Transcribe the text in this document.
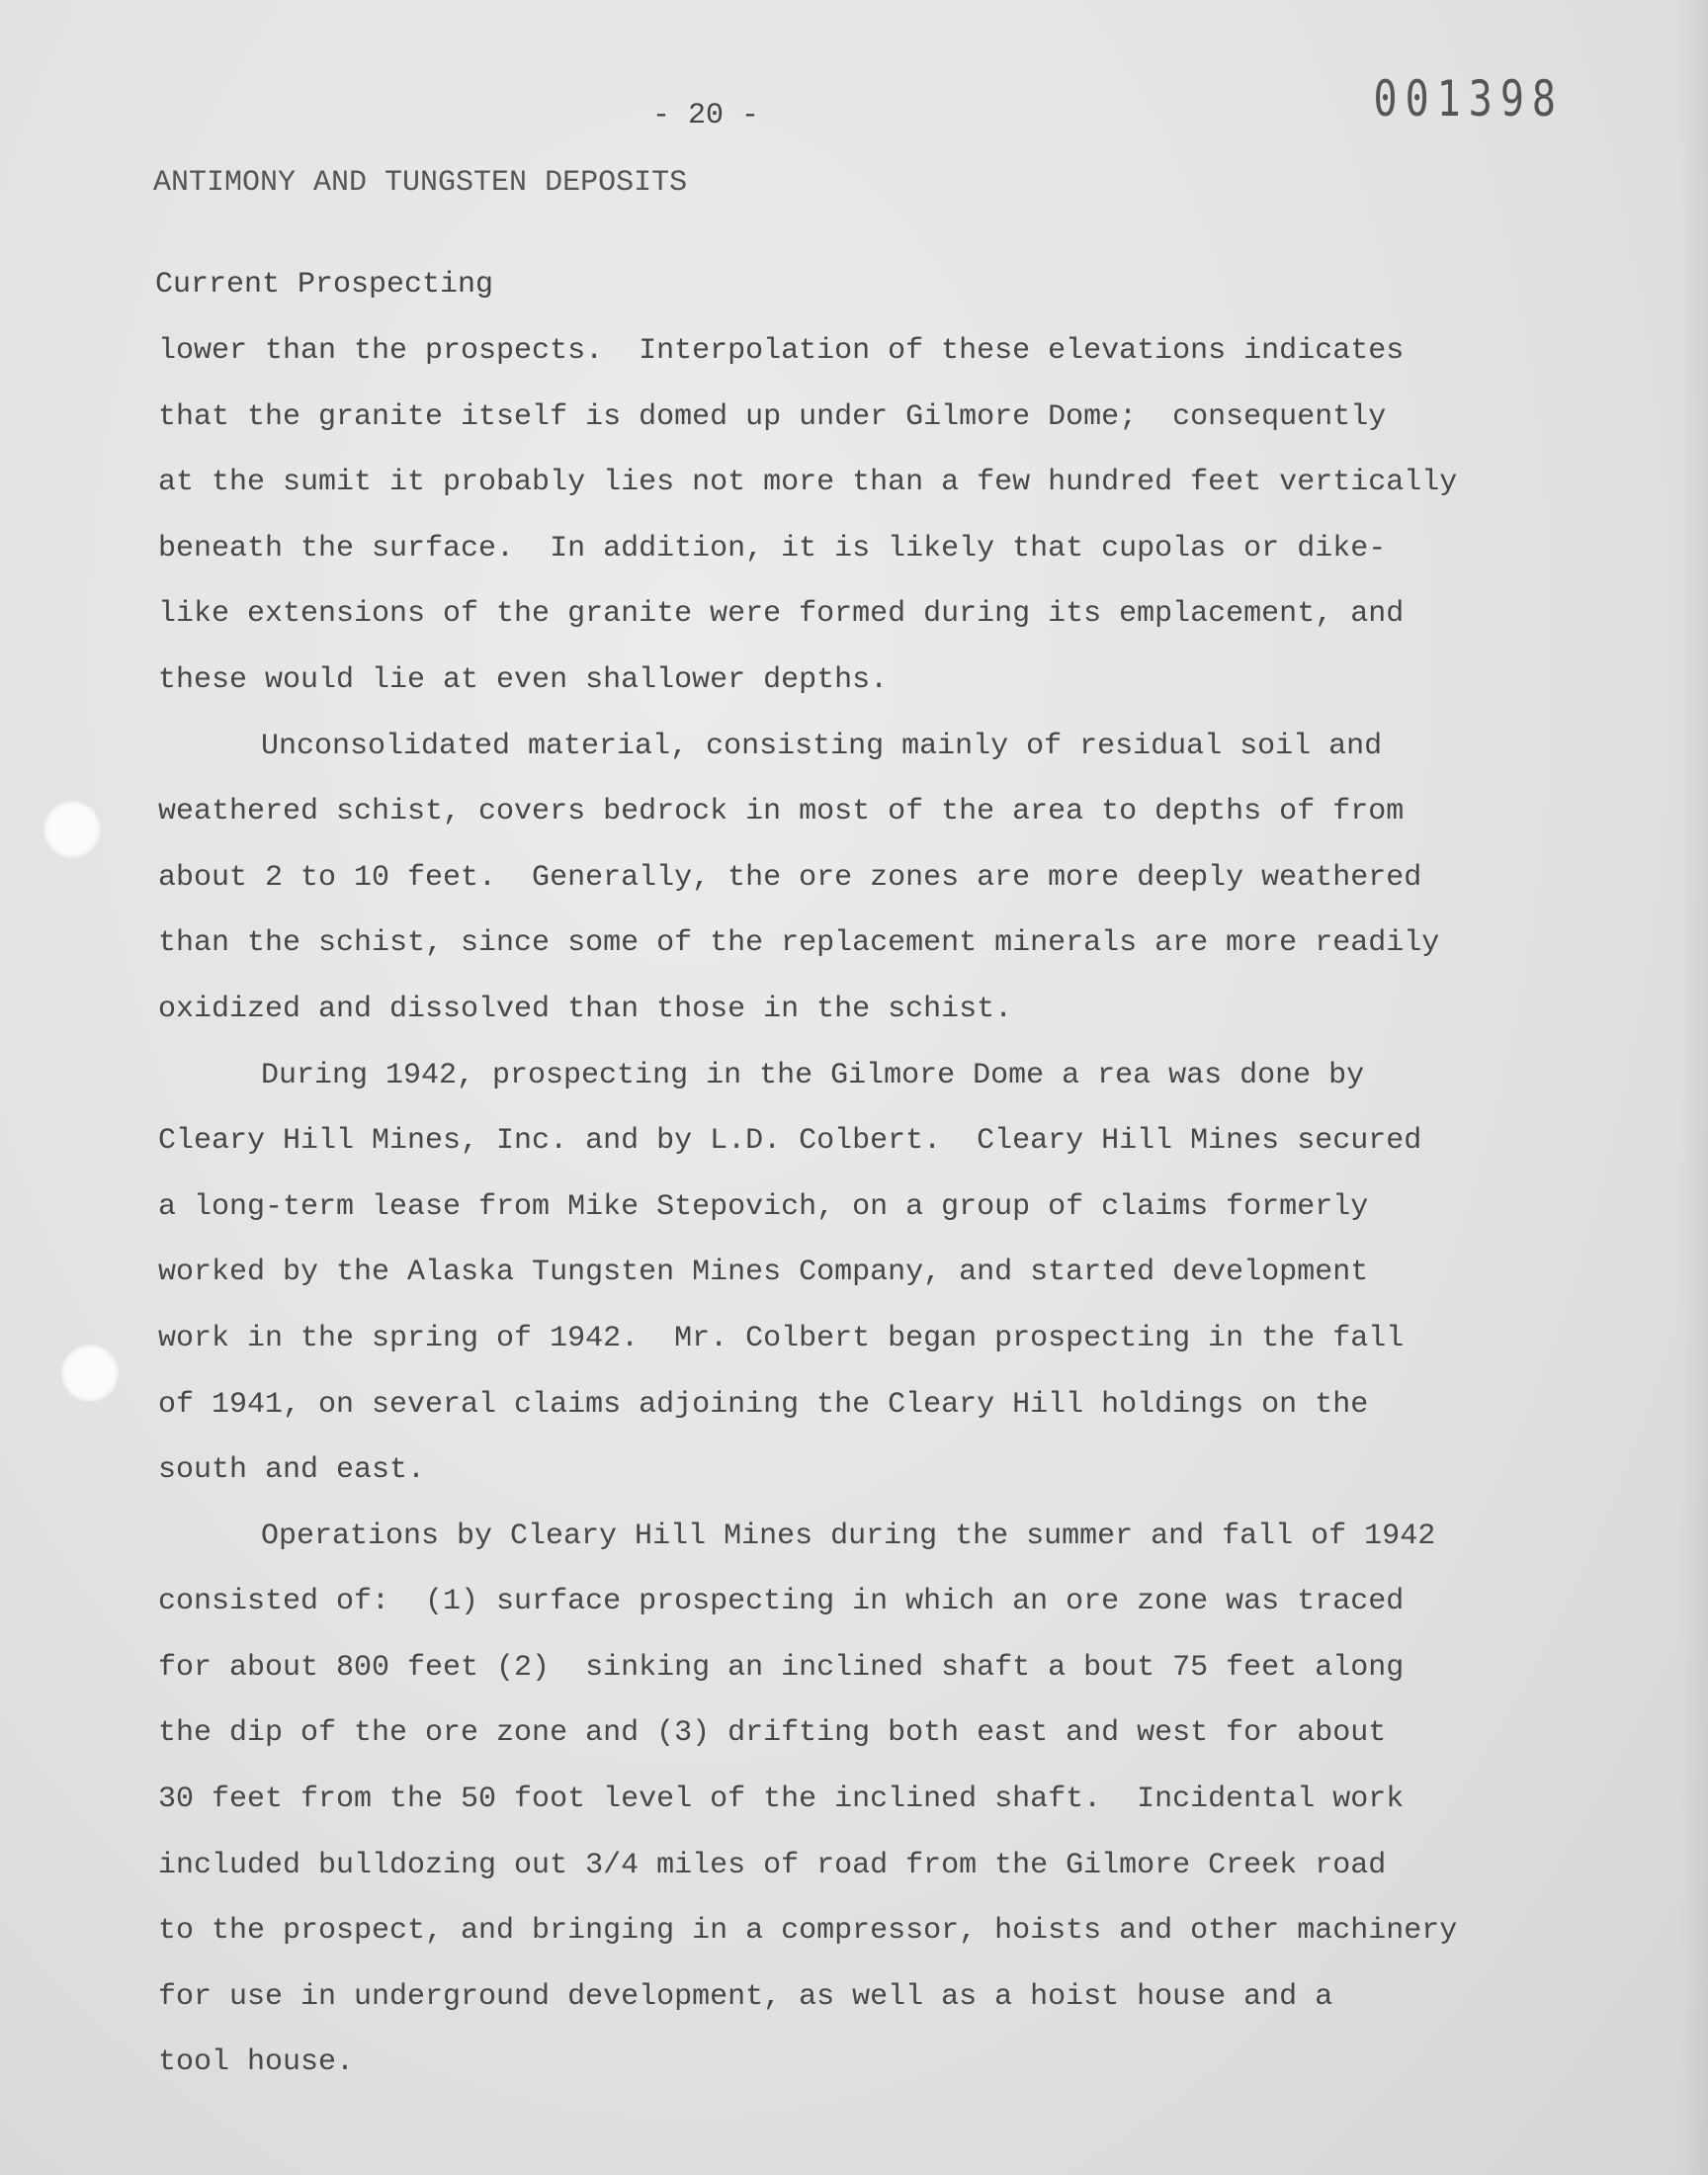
001398
- 20 -
ANTIMONY AND TUNGSTEN DEPOSITS
Current Prospecting
lower than the prospects.  Interpolation of these elevations indicates
that the granite itself is domed up under Gilmore Dome;  consequently
at the sumit it probably lies not more than a few hundred feet vertically
beneath the surface.  In addition, it is likely that cupolas or dike-
like extensions of the granite were formed during its emplacement, and
these would lie at even shallower depths.
Unconsolidated material, consisting mainly of residual soil and
weathered schist, covers bedrock in most of the area to depths of from
about 2 to 10 feet.  Generally, the ore zones are more deeply weathered
than the schist, since some of the replacement minerals are more readily
oxidized and dissolved than those in the schist.
During 1942, prospecting in the Gilmore Dome a rea was done by
Cleary Hill Mines, Inc. and by L.D. Colbert.  Cleary Hill Mines secured
a long-term lease from Mike Stepovich, on a group of claims formerly
worked by the Alaska Tungsten Mines Company, and started development
work in the spring of 1942.  Mr. Colbert began prospecting in the fall
of 1941, on several claims adjoining the Cleary Hill holdings on the
south and east.
Operations by Cleary Hill Mines during the summer and fall of 1942
consisted of:  (1) surface prospecting in which an ore zone was traced
for about 800 feet (2)  sinking an inclined shaft a bout 75 feet along
the dip of the ore zone and (3) drifting both east and west for about
30 feet from the 50 foot level of the inclined shaft.  Incidental work
included bulldozing out 3/4 miles of road from the Gilmore Creek road
to the prospect, and bringing in a compressor, hoists and other machinery
for use in underground development, as well as a hoist house and a
tool house.
